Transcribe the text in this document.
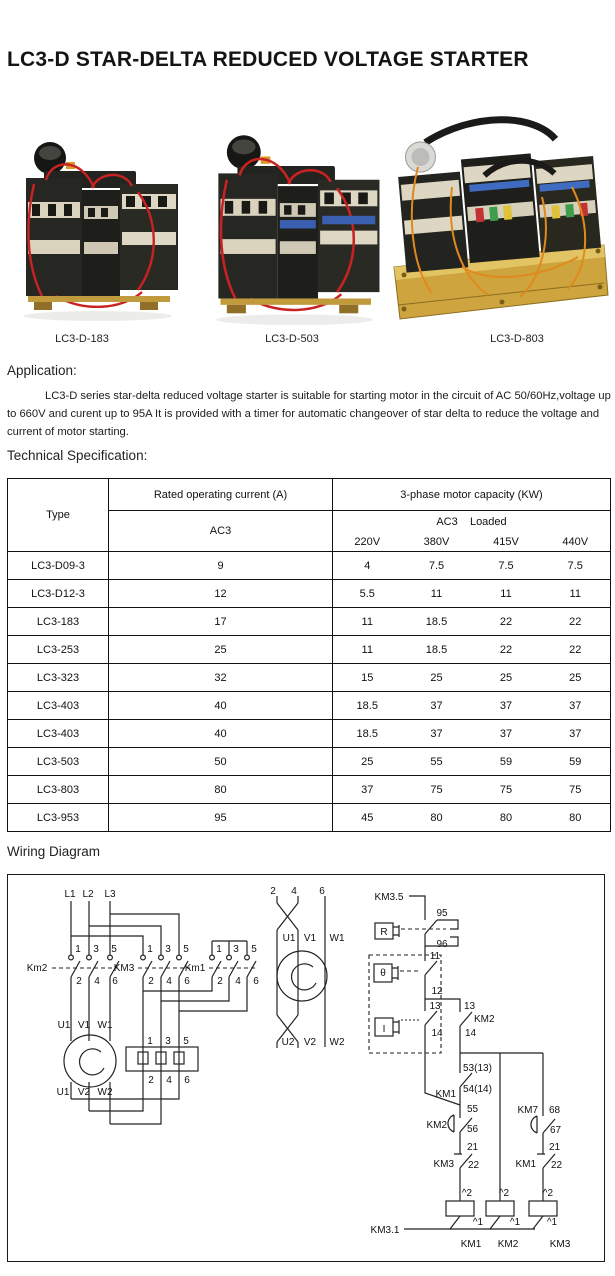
LC3-D STAR-DELTA REDUCED VOLTAGE STARTER
LC3-D-183	LC3-D-503	LC3-D-803
Application:

LC3-D series star-delta reduced voltage starter is suitable for starting motor in the circuit of AC 50/60Hz,voltage up to 660V and curent up to 95A It is provided with a timer for automatic changeover of star delta to reduce the voltage and current of motor starting.

Technical Specification:
Type	Rated operating current (A)	3-phase motor capacity (KW)			
	AC3	AC3    Loaded			
		220V	380V	415V	440V
LC3-D09-3	9	4	7.5	7.5	7.5
LC3-D12-3	12	5.5	11	11	11
LC3-183	17	11	18.5	22	22
LC3-253	25	11	18.5	22	22
LC3-323	32	15	25	25	25
LC3-403	40	18.5	37	37	37
LC3-403	40	18.5	37	37	37
LC3-503	50	25	55	59	59
LC3-803	80	37	75	75	75
LC3-953	95	45	80	80	80
Wiring Diagram
L1 L2 L3
Km2	KM3	Km1
1 3 5
2 4 6
1 3 5
2 4 6
1 3 5
2 4 6
U1 V1 W1
U1 V2 W2
1 3 5
2 4 6
2 4 6
U1 V1 W1
U2 V2 W2
KM3.5
95
R
96
11
θ
12
13
I	14
13
KM2
14
53(13)
KM1 54(14)
55
KM2 56
21
KM3 22
KM7 68
67
21
KM1 22
^2	^2	^2
^1	^1	^1
KM3.1
KM1 KM2	KM3
